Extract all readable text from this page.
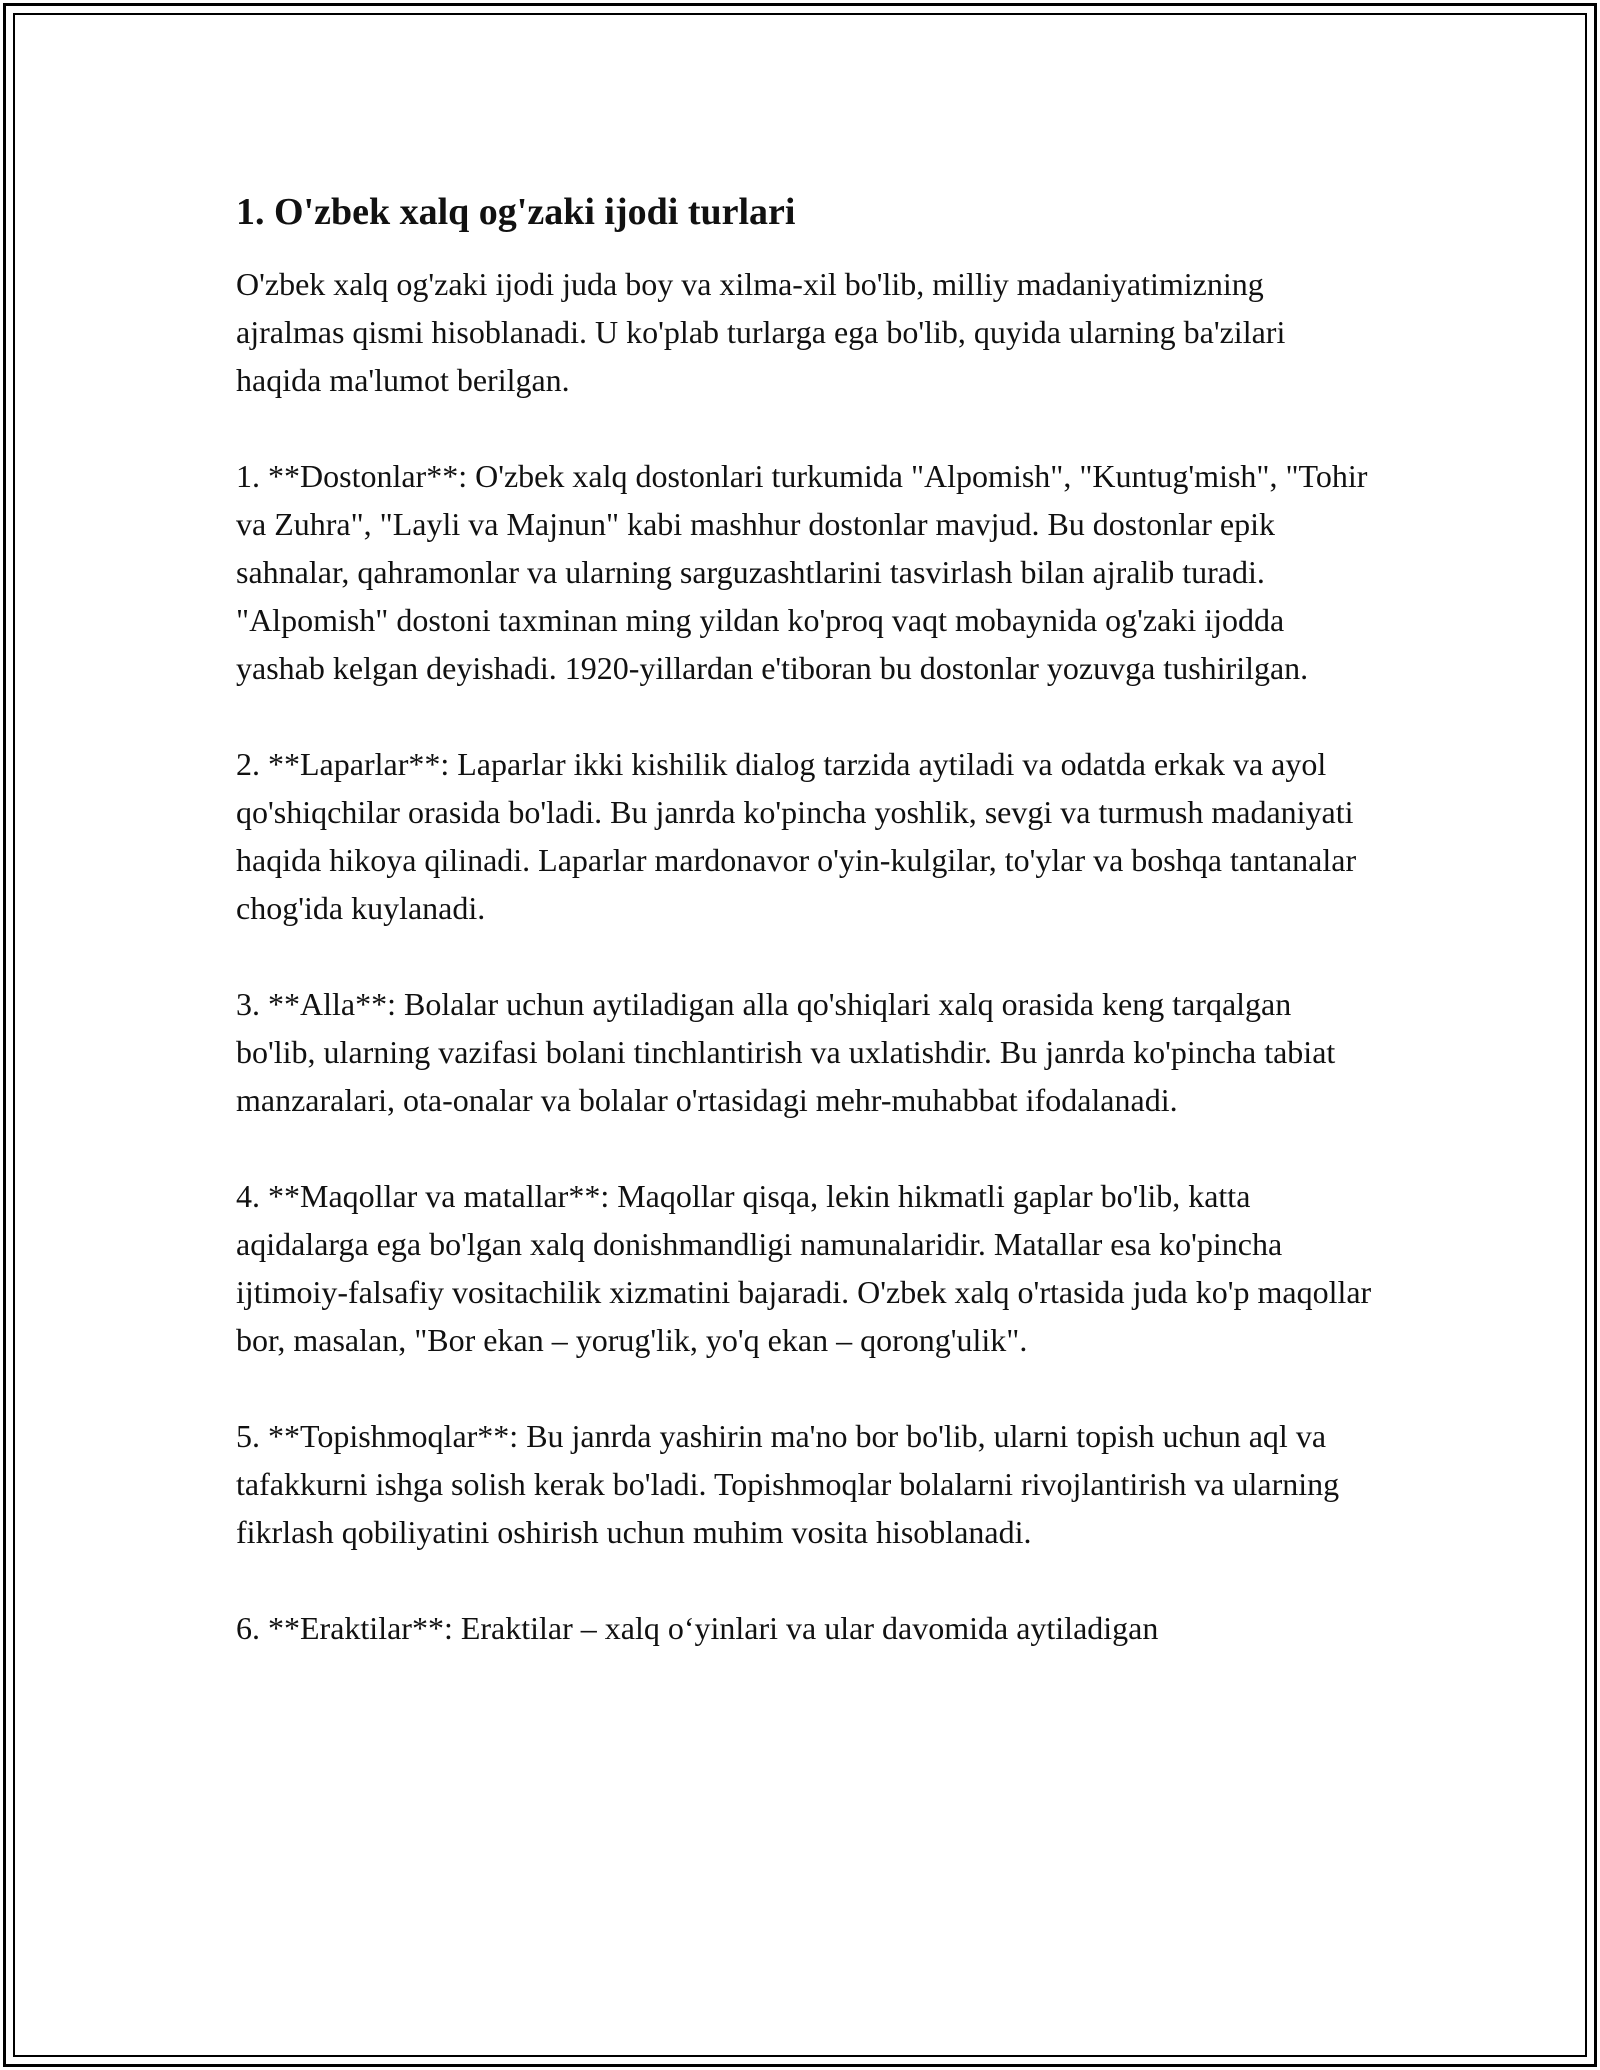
1. O'zbek xalq og'zaki ijodi turlari

O'zbek xalq og'zaki ijodi juda boy va xilma-xil bo'lib, milliy madaniyatimizning ajralmas qismi hisoblanadi. U ko'plab turlarga ega bo'lib, quyida ularning ba'zilari haqida ma'lumot berilgan.

1. **Dostonlar**: O'zbek xalq dostonlari turkumida "Alpomish", "Kuntug'mish", "Tohir va Zuhra", "Layli va Majnun" kabi mashhur dostonlar mavjud. Bu dostonlar epik sahnalar, qahramonlar va ularning sarguzashtlarini tasvirlash bilan ajralib turadi. "Alpomish" dostoni taxminan ming yildan ko'proq vaqt mobaynida og'zaki ijodda yashab kelgan deyishadi. 1920-yillardan e'tiboran bu dostonlar yozuvga tushirilgan.

2. **Laparlar**: Laparlar ikki kishilik dialog tarzida aytiladi va odatda erkak va ayol qo'shiqchilar orasida bo'ladi. Bu janrda ko'pincha yoshlik, sevgi va turmush madaniyati haqida hikoya qilinadi. Laparlar mardonavor o'yin-kulgilar, to'ylar va boshqa tantanalar chog'ida kuylanadi.

3. **Alla**: Bolalar uchun aytiladigan alla qo'shiqlari xalq orasida keng tarqalgan bo'lib, ularning vazifasi bolani tinchlantirish va uxlatishdir. Bu janrda ko'pincha tabiat manzaralari, ota-onalar va bolalar o'rtasidagi mehr-muhabbat ifodalanadi.

4. **Maqollar va matallar**: Maqollar qisqa, lekin hikmatli gaplar bo'lib, katta aqidalarga ega bo'lgan xalq donishmandligi namunalaridir. Matallar esa ko'pincha ijtimoiy-falsafiy vositachilik xizmatini bajaradi. O'zbek xalq o'rtasida juda ko'p maqollar bor, masalan, "Bor ekan – yorug'lik, yo'q ekan – qorong'ulik".

5. **Topishmoqlar**: Bu janrda yashirin ma'no bor bo'lib, ularni topish uchun aql va tafakkurni ishga solish kerak bo'ladi. Topishmoqlar bolalarni rivojlantirish va ularning fikrlash qobiliyatini oshirish uchun muhim vosita hisoblanadi.

6. **Eraktilar**: Eraktilar – xalq o‘yinlari va ular davomida aytiladigan
